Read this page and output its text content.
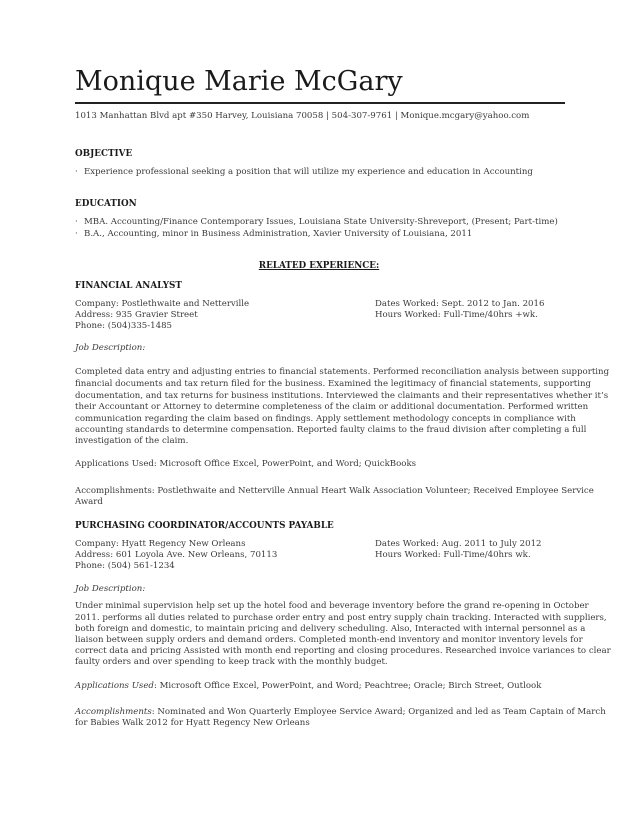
Monique Marie McGary
1013 Manhattan Blvd apt #350 Harvey, Louisiana 70058 | 504-307-9761 | Monique.mcgary@yahoo.com
OBJECTIVE
· Experience professional seeking a position that will utilize my experience and education in Accounting
EDUCATION
· MBA. Accounting/Finance Contemporary Issues, Louisiana State University-Shreveport, (Present; Part-time)
· B.A., Accounting, minor in Business Administration, Xavier University of Louisiana, 2011
RELATED EXPERIENCE:
FINANCIAL ANALYST
Company: Postlethwaite and Netterville
Address: 935 Gravier Street
Phone: (504)335-1485
Dates Worked: Sept. 2012 to Jan. 2016
Hours Worked: Full-Time/40hrs +wk.
Job Description:
Completed data entry and adjusting entries to financial statements. Performed reconciliation analysis between supporting
financial documents and tax return filed for the business. Examined the legitimacy of financial statements, supporting
documentation, and tax returns for business institutions. Interviewed the claimants and their representatives whether it’s
their Accountant or Attorney to determine completeness of the claim or additional documentation. Performed written
communication regarding the claim based on findings. Apply settlement methodology concepts in compliance with
accounting standards to determine compensation. Reported faulty claims to the fraud division after completing a full
investigation of the claim.
Applications Used: Microsoft Office Excel, PowerPoint, and Word; QuickBooks
Accomplishments: Postlethwaite and Netterville Annual Heart Walk Association Volunteer; Received Employee Service
Award
PURCHASING COORDINATOR/ACCOUNTS PAYABLE
Company: Hyatt Regency New Orleans
Address: 601 Loyola Ave. New Orleans, 70113
Phone: (504) 561-1234
Dates Worked: Aug. 2011 to July 2012
Hours Worked: Full-Time/40hrs wk.
Job Description:
Under minimal supervision help set up the hotel food and beverage inventory before the grand re-opening in October
2011. performs all duties related to purchase order entry and post entry supply chain tracking. Interacted with suppliers,
both foreign and domestic, to maintain pricing and delivery scheduling. Also, Interacted with internal personnel as a
liaison between supply orders and demand orders. Completed month-end inventory and monitor inventory levels for
correct data and pricing Assisted with month end reporting and closing procedures. Researched invoice variances to clear
faulty orders and over spending to keep track with the monthly budget.
Applications Used: Microsoft Office Excel, PowerPoint, and Word; Peachtree; Oracle; Birch Street, Outlook
Accomplishments: Nominated and Won Quarterly Employee Service Award; Organized and led as Team Captain of March
for Babies Walk 2012 for Hyatt Regency New Orleans
